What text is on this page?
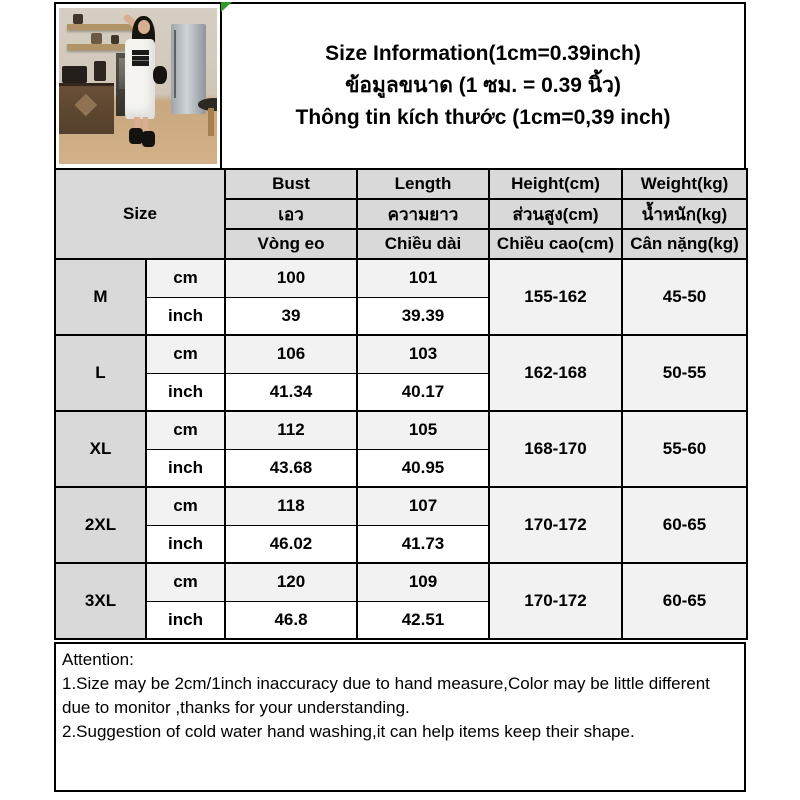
Size Information(1cm=0.39inch)
ข้อมูลขนาด (1 ซม. = 0.39 นิ้ว)
Thông tin kích thước (1cm=0,39 inch)
Size		Bust	Length	Height(cm)	Weight(kg)
		เอว	ความยาว	ส่วนสูง(cm)	น้ำหนัก(kg)
		Vòng eo	Chiều dài	Chiều cao(cm)	Cân nặng(kg)
M	cm	100	101	155-162	45-50
	inch	39	39.39		
L	cm	106	103	162-168	50-55
	inch	41.34	40.17		
XL	cm	112	105	168-170	55-60
	inch	43.68	40.95		
2XL	cm	118	107	170-172	60-65
	inch	46.02	41.73		
3XL	cm	120	109	170-172	60-65
	inch	46.8	42.51		
Attention:
1.Size may be 2cm/1inch inaccuracy due to hand measure,Color may be little different due to monitor ,thanks for your understanding.
2.Suggestion of cold water hand washing,it can help items keep their shape.
